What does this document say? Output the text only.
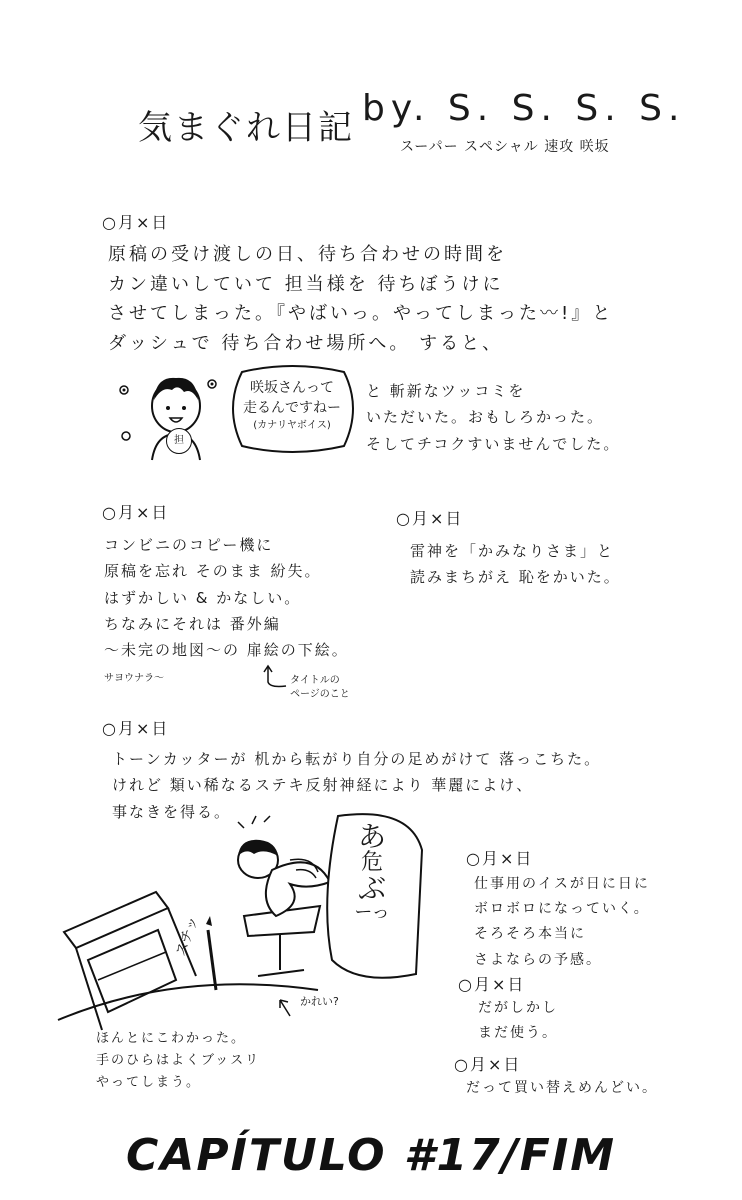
気まぐれ日記 by. S. S. S. S.
スーパー スペシャル 速攻 咲坂
○月×日
原稿の受け渡しの日、待ち合わせの時間を
カン違いしていて 担当様を 待ちぼうけに
させてしまった。『やばいっ。やってしまった〰!』と
ダッシュで 待ち合わせ場所へ。 すると、
担
咲坂さんって
走るんですねー
(カナリヤボイス)
と 斬新なツッコミを
いただいた。おもしろかった。
そしてチコクすいませんでした。
○月×日
コンビニのコピー機に
原稿を忘れ そのまま 紛失。
はずかしい & かなしい。
ちなみにそれは 番外編
〜未完の地図〜の 扉絵の下絵。
サヨウナラ〜	タイトルの
ページのこと
○月×日
雷神を「かみなりさま」と
読みまちがえ 恥をかいた。
○月×日
トーンカッターが 机から転がり自分の足めがけて 落っこちた。
けれど 類い稀なるステキ反射神経により 華麗によけ、
事なきを得る。
スチッ
かれい?
あ
危
ぶ
ーっ
ほんとにこわかった。
手のひらはよくブッスリ
やってしまう。
○月×日
仕事用のイスが日に日に
ボロボロになっていく。
そろそろ本当に
さよならの予感。
○月×日
だがしかし
まだ使う。
○月×日
だって買い替えめんどい。
CAPÍTULO #17/FIM
